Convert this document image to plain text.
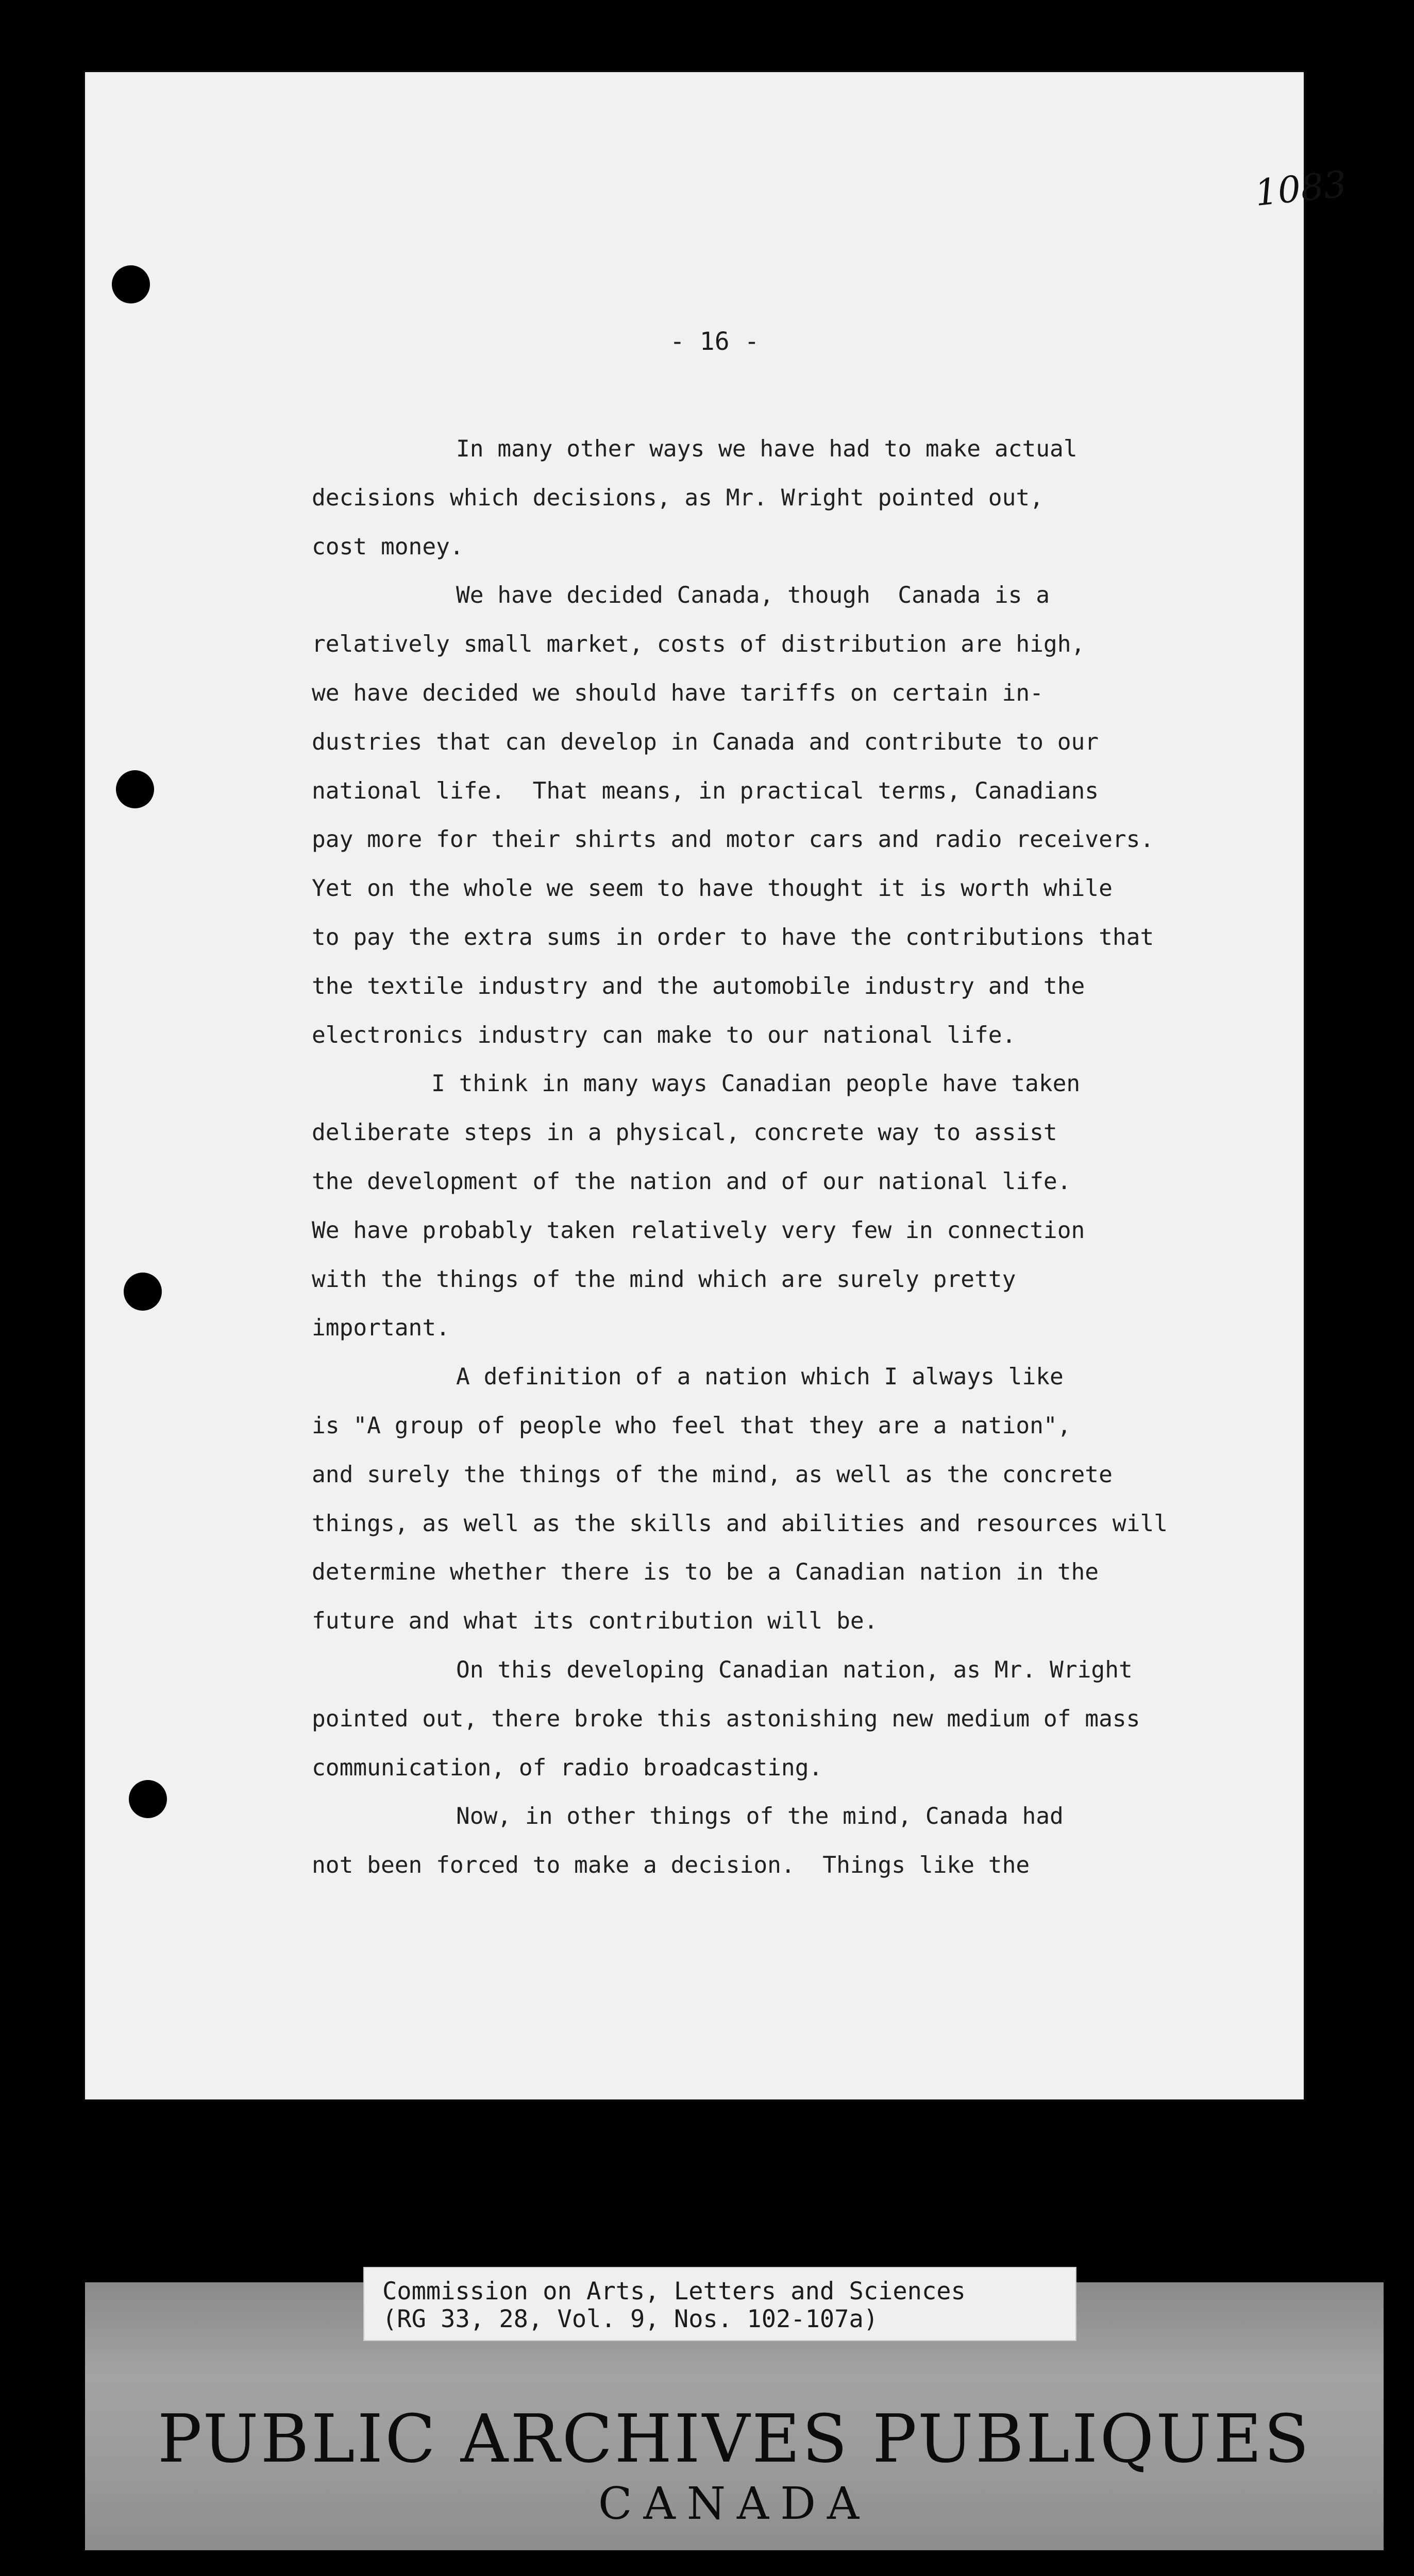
1083
- 16 -
In many other ways we have had to make actual
decisions which decisions, as Mr. Wright pointed out,
cost money.
We have decided Canada, though  Canada is a
relatively small market, costs of distribution are high,
we have decided we should have tariffs on certain in-
dustries that can develop in Canada and contribute to our
national life.  That means, in practical terms, Canadians
pay more for their shirts and motor cars and radio receivers.
Yet on the whole we seem to have thought it is worth while
to pay the extra sums in order to have the contributions that
the textile industry and the automobile industry and the
electronics industry can make to our national life.
I think in many ways Canadian people have taken
deliberate steps in a physical, concrete way to assist
the development of the nation and of our national life.
We have probably taken relatively very few in connection
with the things of the mind which are surely pretty
important.
A definition of a nation which I always like
is "A group of people who feel that they are a nation",
and surely the things of the mind, as well as the concrete
things, as well as the skills and abilities and resources will
determine whether there is to be a Canadian nation in the
future and what its contribution will be.
On this developing Canadian nation, as Mr. Wright
pointed out, there broke this astonishing new medium of mass
communication, of radio broadcasting.
Now, in other things of the mind, Canada had
not been forced to make a decision.  Things like the
Commission on Arts, Letters and Sciences
(RG 33, 28, Vol. 9, Nos. 102-107a)
PUBLIC ARCHIVES PUBLIQUES
CANADA
